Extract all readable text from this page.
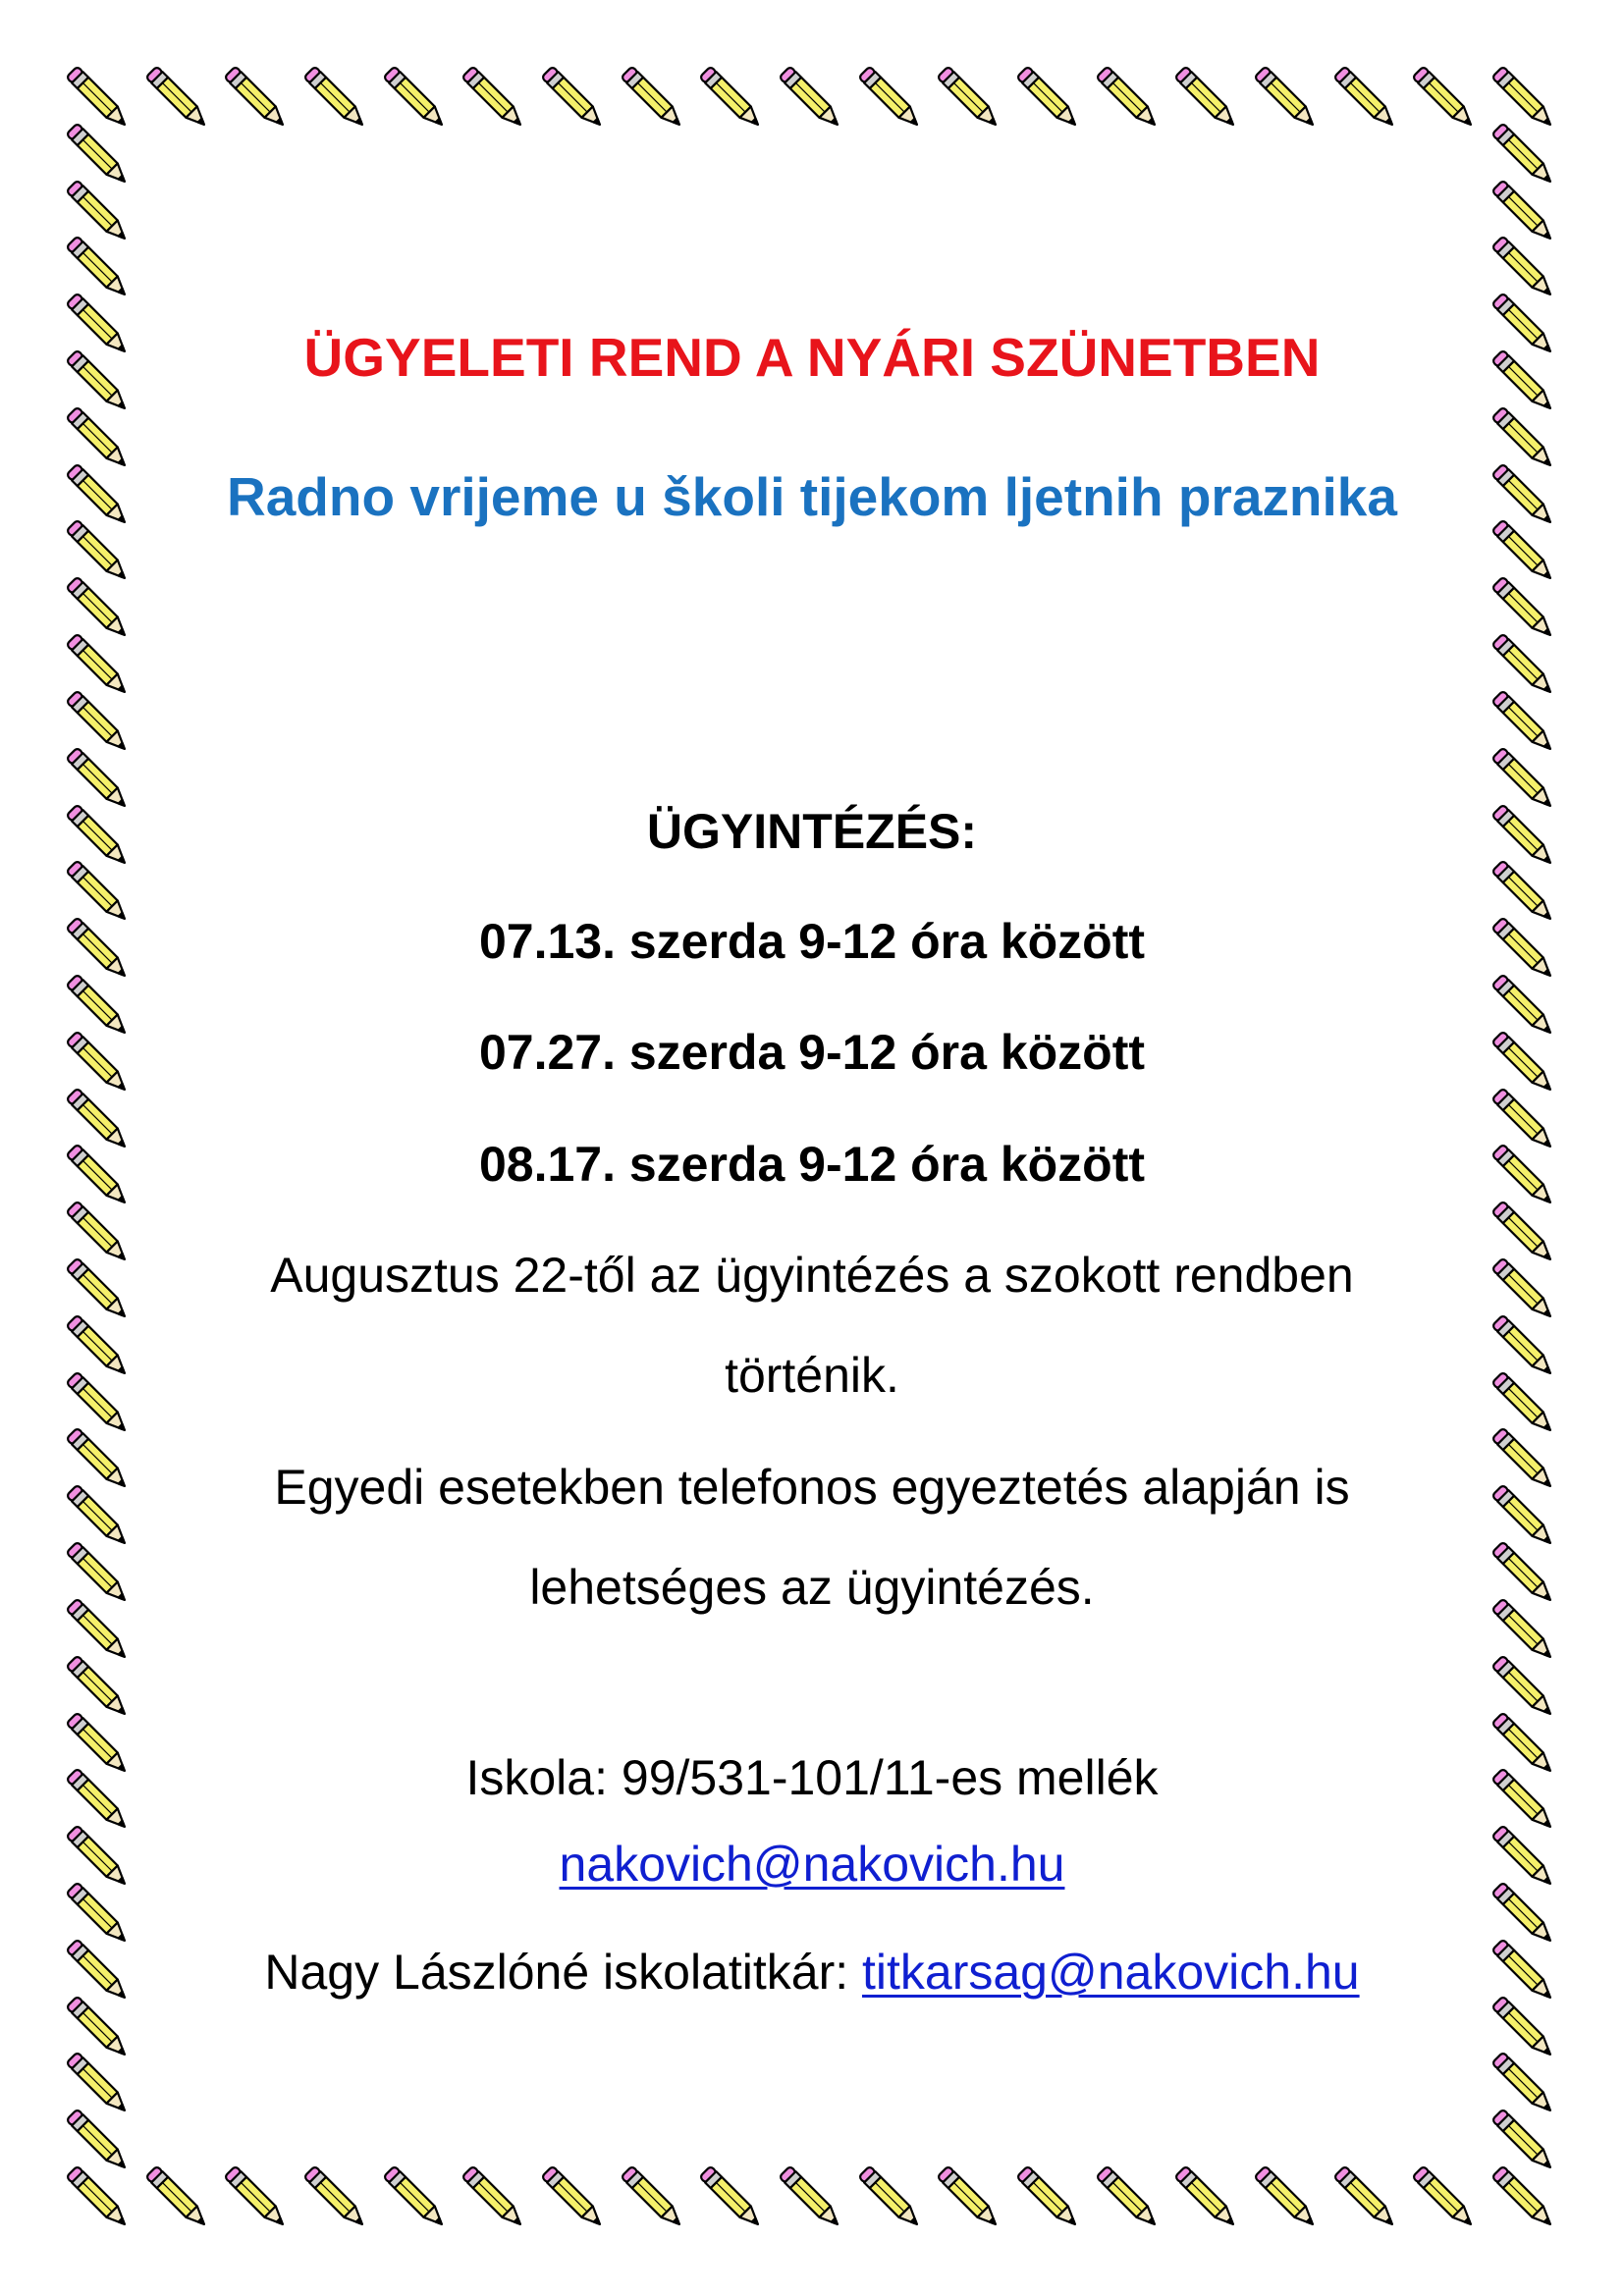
ÜGYELETI REND A NYÁRI SZÜNETBEN

Radno vrijeme u školi tijekom ljetnih praznika

ÜGYINTÉZÉS:

07.13. szerda 9-12 óra között

07.27. szerda 9-12 óra között

08.17. szerda 9-12 óra között

Augusztus 22-től az ügyintézés a szokott rendben történik.

Egyedi esetekben telefonos egyeztetés alapján is lehetséges az ügyintézés.

Iskola: 99/531-101/11-es mellék

nakovich@nakovich.hu

Nagy Lászlóné iskolatitkár: titkarsag@nakovich.hu
